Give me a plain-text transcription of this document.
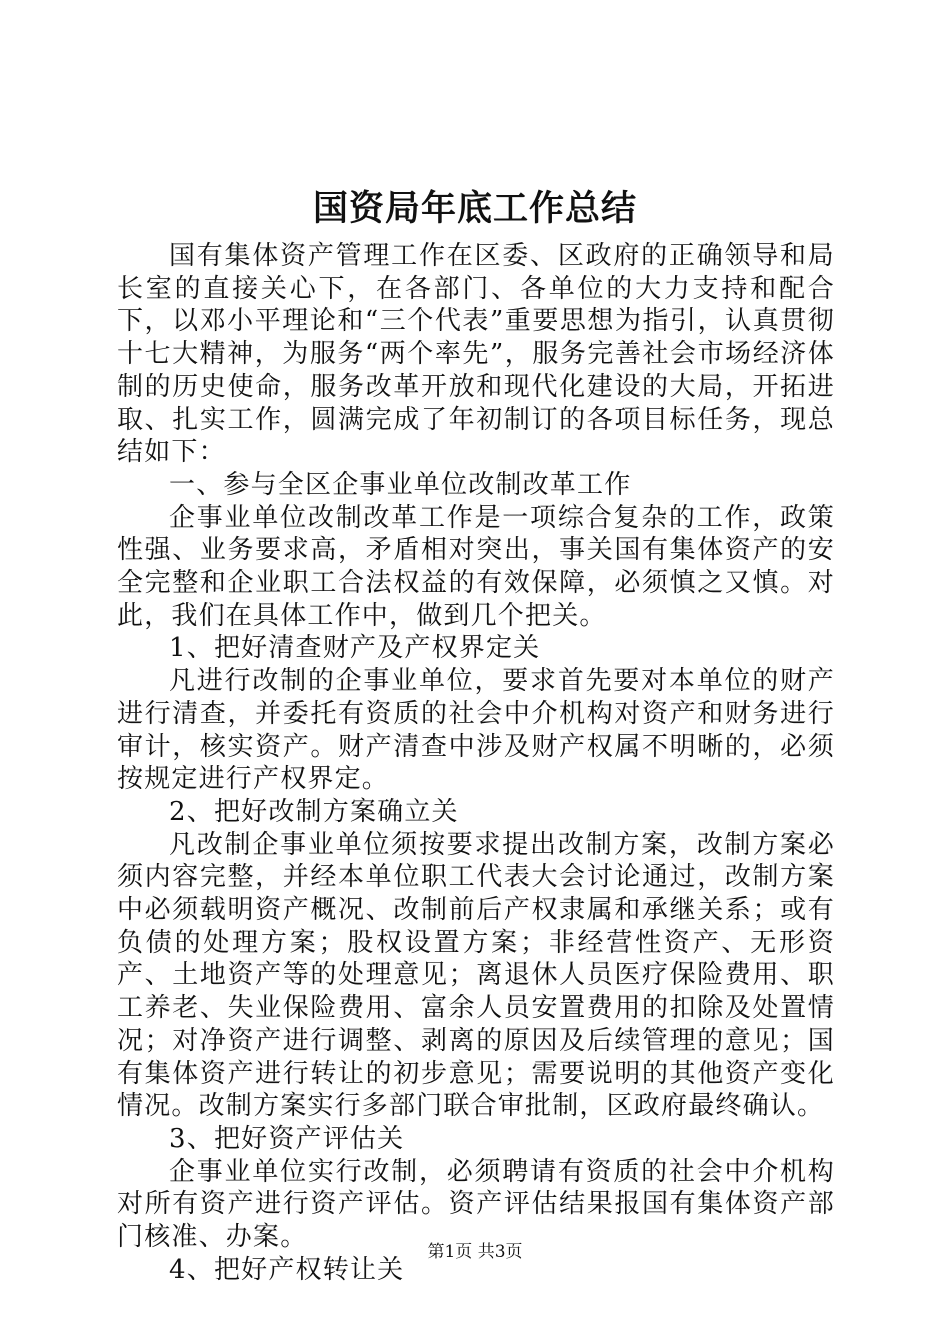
国资局年底工作总结

国有集体资产管理工作在区委、区政府的正确领导和局长室的直接关心下，在各部门、各单位的大力支持和配合下，以邓小平理论和“三个代表”重要思想为指引，认真贯彻十七大精神，为服务“两个率先”，服务完善社会市场经济体制的历史使命，服务改革开放和现代化建设的大局，开拓进取、扎实工作，圆满完成了年初制订的各项目标任务，现总结如下：

一、参与全区企事业单位改制改革工作

企事业单位改制改革工作是一项综合复杂的工作，政策性强、业务要求高，矛盾相对突出，事关国有集体资产的安全完整和企业职工合法权益的有效保障，必须慎之又慎。对此，我们在具体工作中，做到几个把关。

1、把好清查财产及产权界定关

凡进行改制的企事业单位，要求首先要对本单位的财产进行清查，并委托有资质的社会中介机构对资产和财务进行审计，核实资产。财产清查中涉及财产权属不明晰的，必须按规定进行产权界定。

2、把好改制方案确立关

凡改制企事业单位须按要求提出改制方案，改制方案必须内容完整，并经本单位职工代表大会讨论通过，改制方案中必须载明资产概况、改制前后产权隶属和承继关系；或有负债的处理方案；股权设置方案；非经营性资产、无形资产、土地资产等的处理意见；离退休人员医疗保险费用、职工养老、失业保险费用、富余人员安置费用的扣除及处置情况；对净资产进行调整、剥离的原因及后续管理的意见；国有集体资产进行转让的初步意见；需要说明的其他资产变化情况。改制方案实行多部门联合审批制，区政府最终确认。

3、把好资产评估关

企事业单位实行改制，必须聘请有资质的社会中介机构对所有资产进行资产评估。资产评估结果报国有集体资产部门核准、办案。

4、把好产权转让关

第1页 共3页
